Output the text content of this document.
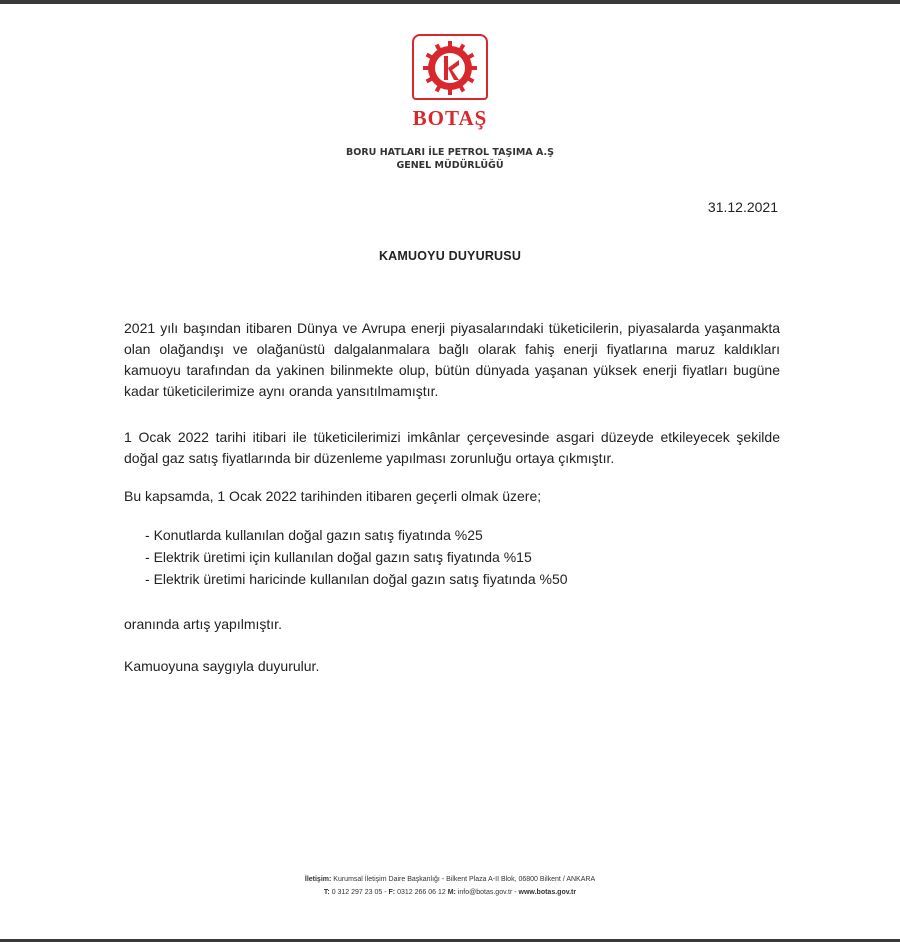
BOTAŞ
BORU HATLARI İLE PETROL TAŞIMA A.Ş
GENEL MÜDÜRLÜĞÜ
31.12.2021
KAMUOYU DUYURUSU

2021 yılı başından itibaren Dünya ve Avrupa enerji piyasalarındaki tüketicilerin, piyasalarda yaşanmakta olan olağandışı ve olağanüstü dalgalanmalara bağlı olarak fahiş enerji fiyatlarına maruz kaldıkları kamuoyu tarafından da yakinen bilinmekte olup, bütün dünyada yaşanan yüksek enerji fiyatları bugüne kadar tüketicilerimize aynı oranda yansıtılmamıştır.

1 Ocak 2022 tarihi itibari ile tüketicilerimizi imkânlar çerçevesinde asgari düzeyde etkileyecek şekilde doğal gaz satış fiyatlarında bir düzenleme yapılması zorunluğu ortaya çıkmıştır.

Bu kapsamda, 1 Ocak 2022 tarihinden itibaren geçerli olmak üzere;

- Konutlarda kullanılan doğal gazın satış fiyatında %25
- Elektrik üretimi için kullanılan doğal gazın satış fiyatında %15
- Elektrik üretimi haricinde kullanılan doğal gazın satış fiyatında %50

oranında artış yapılmıştır.

Kamuoyuna saygıyla duyurulur.

İletişim: Kurumsal İletişim Daire Başkanlığı - Bilkent Plaza A-II Blok, 06800 Bilkent / ANKARA
T: 0 312 297 23 05 - F: 0312 266 06 12 M: info@botas.gov.tr - www.botas.gov.tr
